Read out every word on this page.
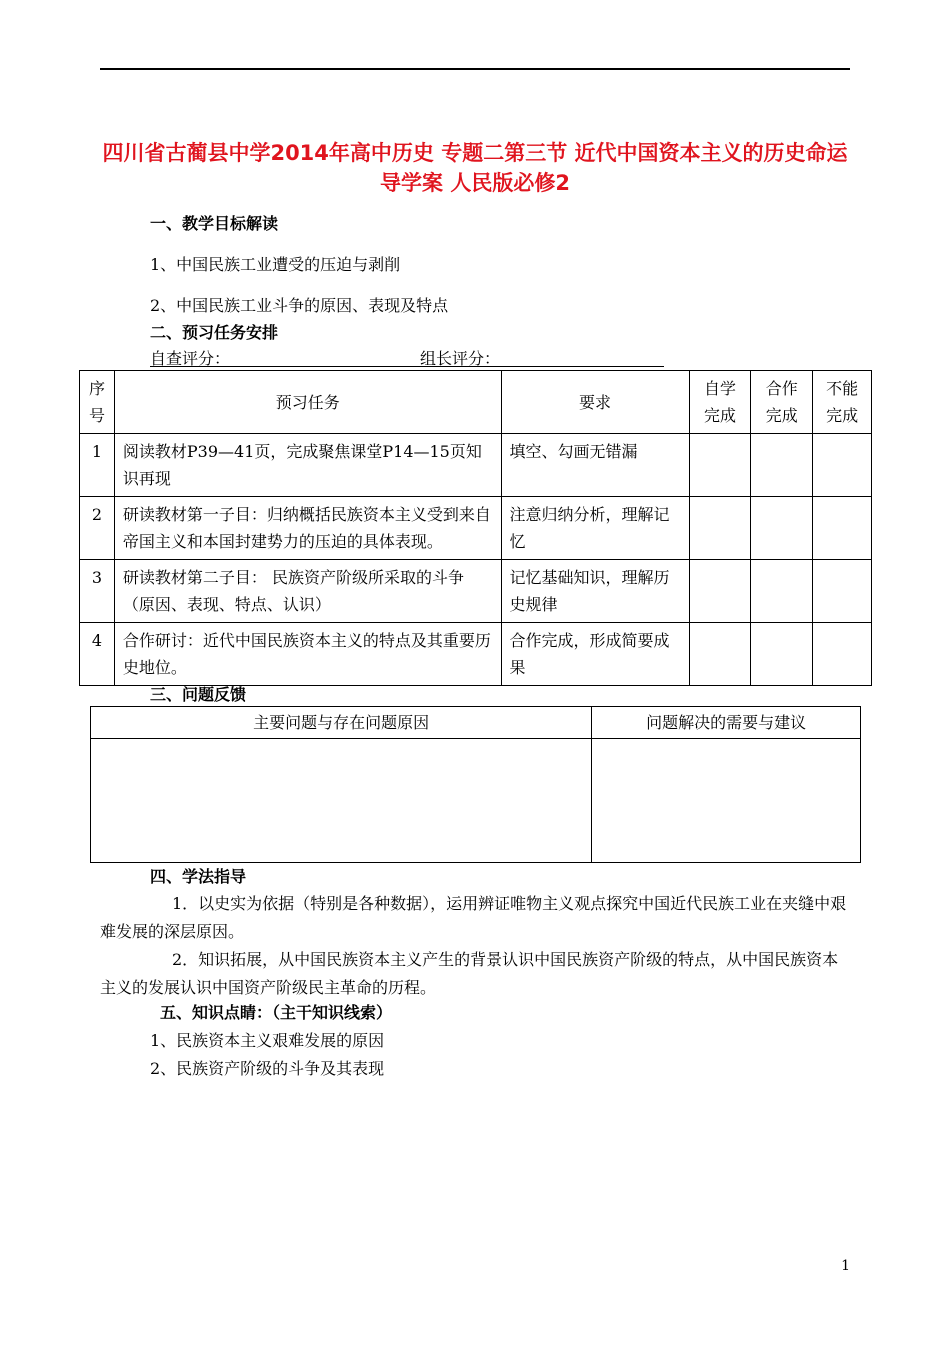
四川省古蔺县中学2014年高中历史 专题二第三节 近代中国资本主义的历史命运导学案 人民版必修2
一、教学目标解读
1、中国民族工业遭受的压迫与剥削
2、中国民族工业斗争的原因、表现及特点
二、预习任务安排
自查评分：	组长评分：
序号	预习任务	要求	自学完成	合作完成	不能完成
1	阅读教材P39—41页，完成聚焦课堂P14—15页知识再现	填空、勾画无错漏			
2	研读教材第一子目：归纳概括民族资本主义受到来自帝国主义和本国封建势力的压迫的具体表现。	注意归纳分析，理解记忆			
3	研读教材第二子目： 民族资产阶级所采取的斗争（原因、表现、特点、认识）	记忆基础知识，理解历史规律			
4	合作研讨：近代中国民族资本主义的特点及其重要历史地位。	合作完成，形成简要成果			
三、问题反馈
主要问题与存在问题原因	问题解决的需要与建议

四、学法指导
1．以史实为依据（特别是各种数据），运用辨证唯物主义观点探究中国近代民族工业在夹缝中艰难发展的深层原因。
2．知识拓展，从中国民族资本主义产生的背景认识中国民族资产阶级的特点，从中国民族资本主义的发展认识中国资产阶级民主革命的历程。
五、知识点睛：（主干知识线索）
1、民族资本主义艰难发展的原因
2、民族资产阶级的斗争及其表现
1
